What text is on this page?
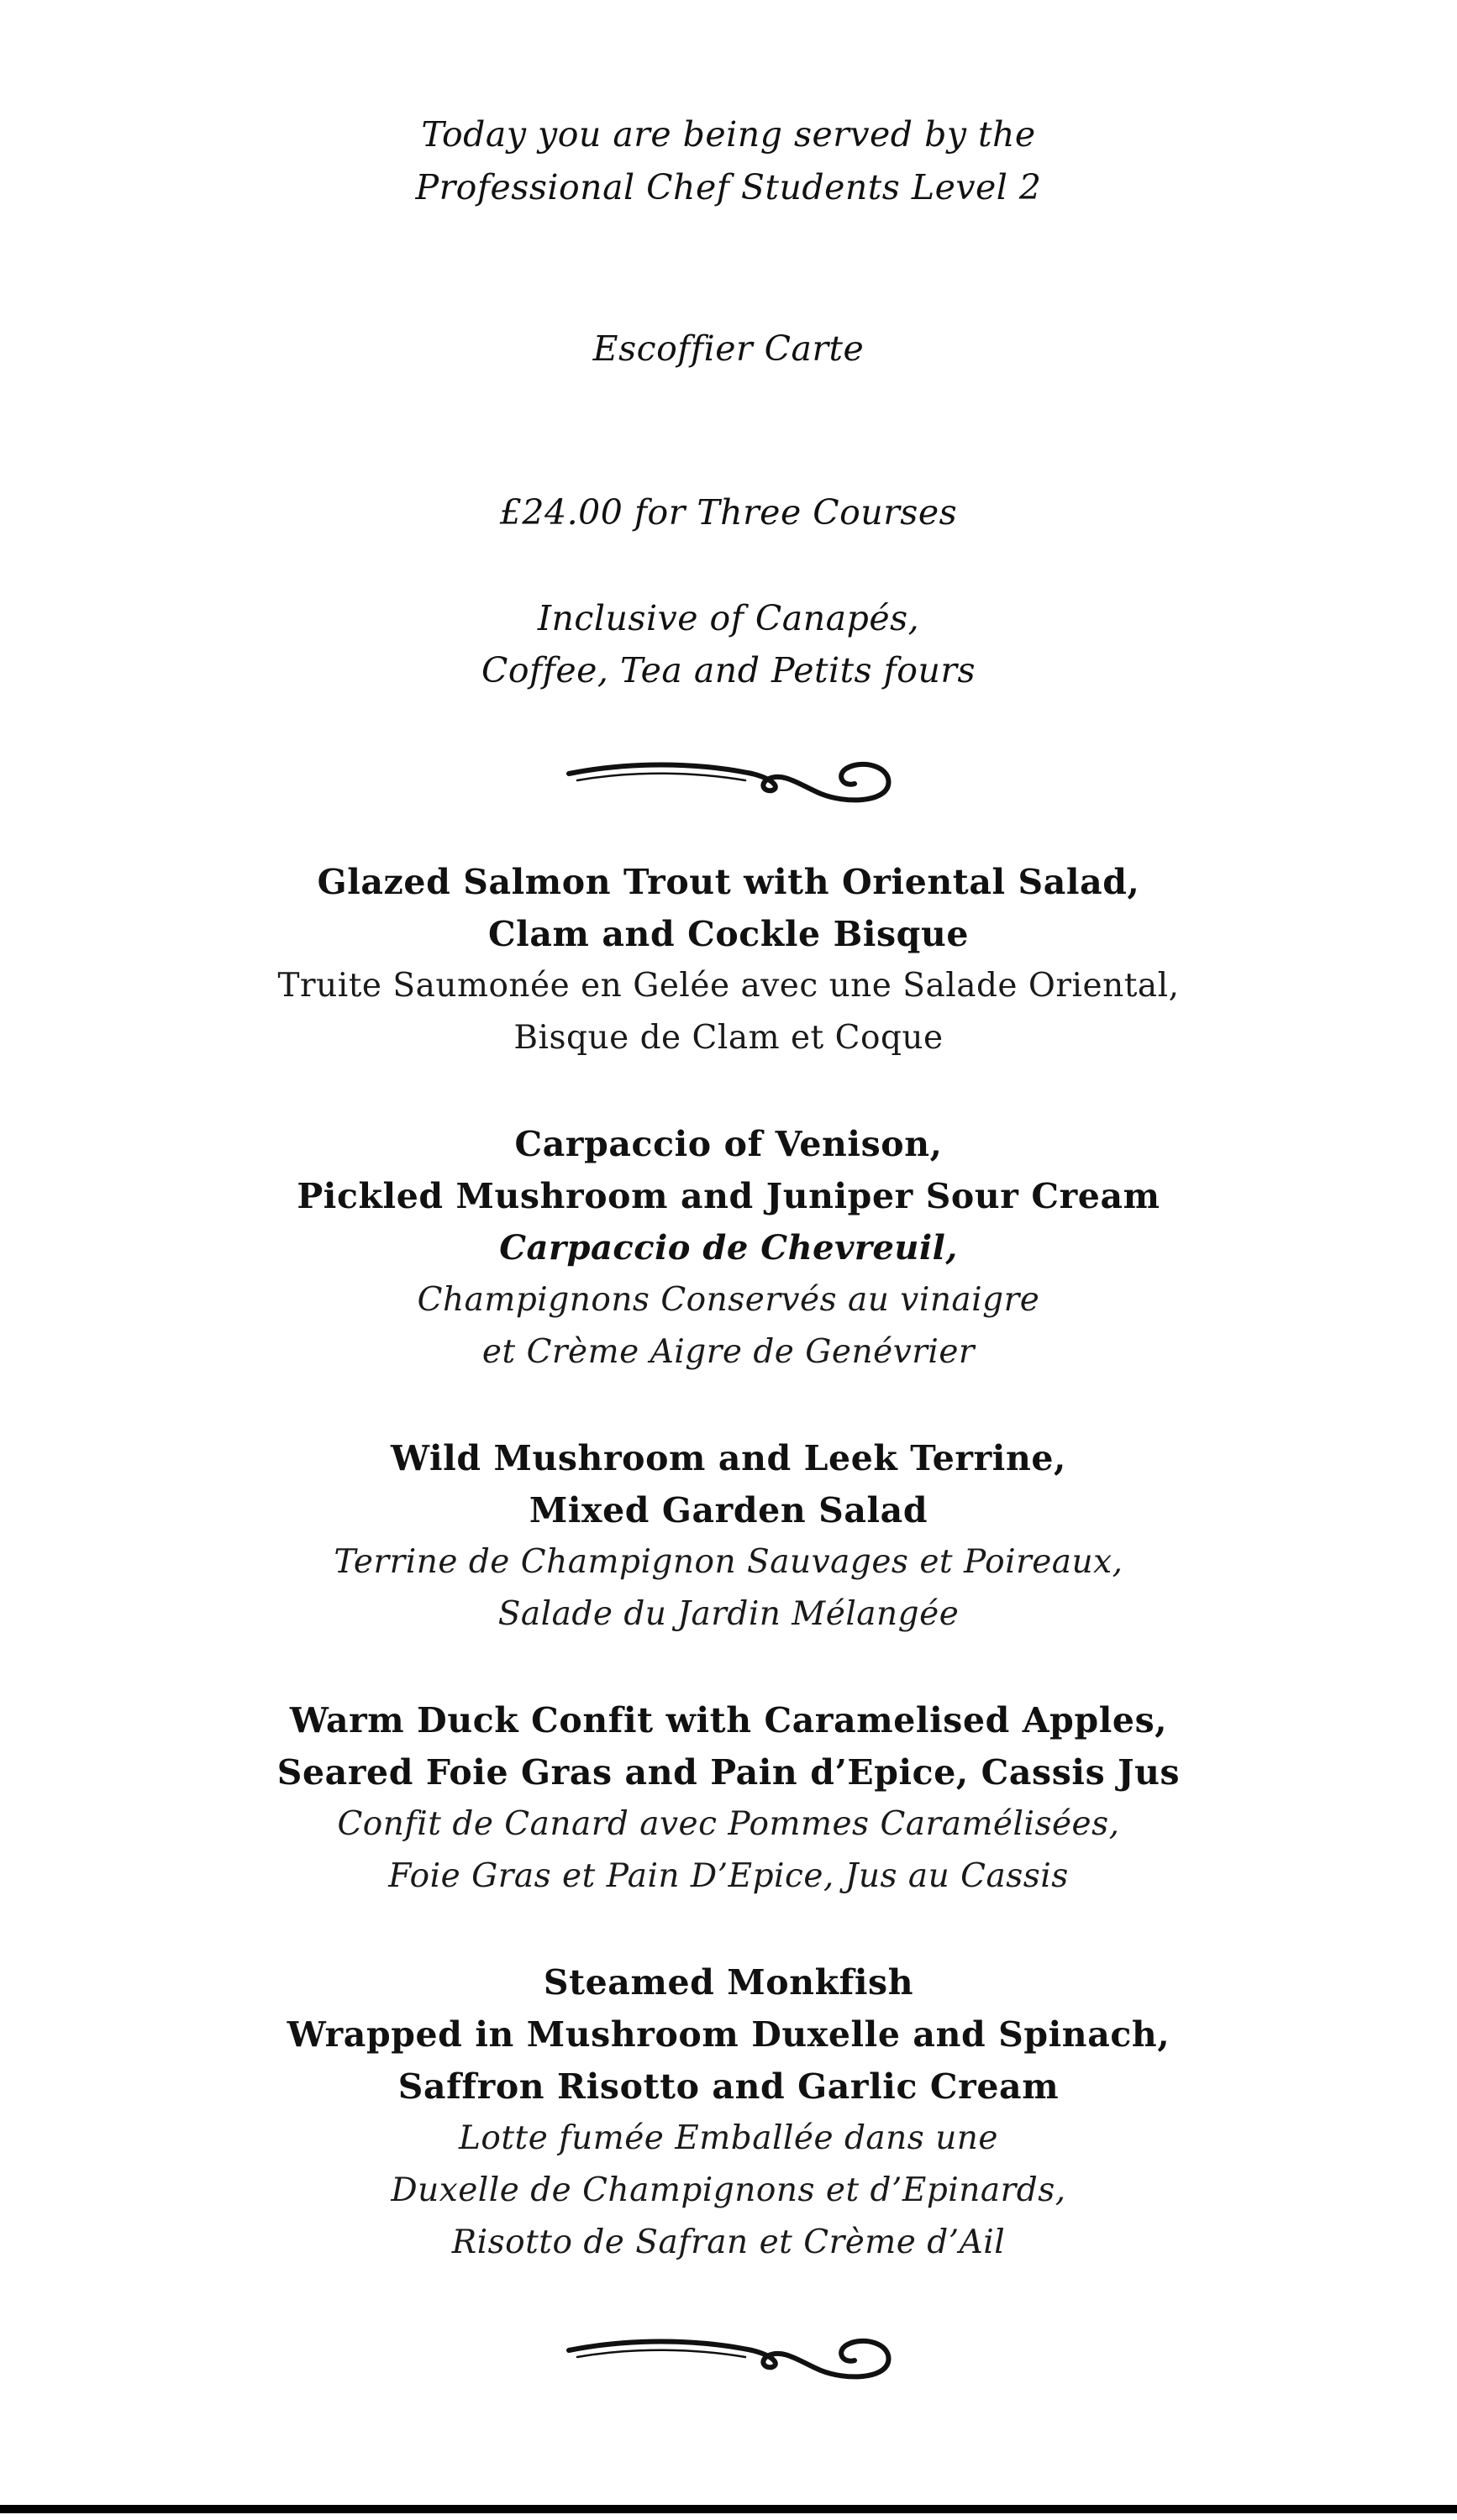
Today you are being served by the
Professional Chef Students Level 2
Escoffier Carte
£24.00 for Three Courses
Inclusive of Canapés,
Coffee, Tea and Petits fours
Glazed Salmon Trout with Oriental Salad,
Clam and Cockle Bisque
Truite Saumonée en Gelée avec une Salade Oriental,
Bisque de Clam et Coque
Carpaccio of Venison,
Pickled Mushroom and Juniper Sour Cream
Carpaccio de Chevreuil,
Champignons Conservés au vinaigre
et Crème Aigre de Genévrier
Wild Mushroom and Leek Terrine,
Mixed Garden Salad
Terrine de Champignon Sauvages et Poireaux,
Salade du Jardin Mélangée
Warm Duck Confit with Caramelised Apples,
Seared Foie Gras and Pain d’Epice, Cassis Jus
Confit de Canard avec Pommes Caramélisées,
Foie Gras et Pain D’Epice, Jus au Cassis
Steamed Monkfish
Wrapped in Mushroom Duxelle and Spinach,
Saffron Risotto and Garlic Cream
Lotte fumée Emballée dans une
Duxelle de Champignons et d’Epinards,
Risotto de Safran et Crème d’Ail
